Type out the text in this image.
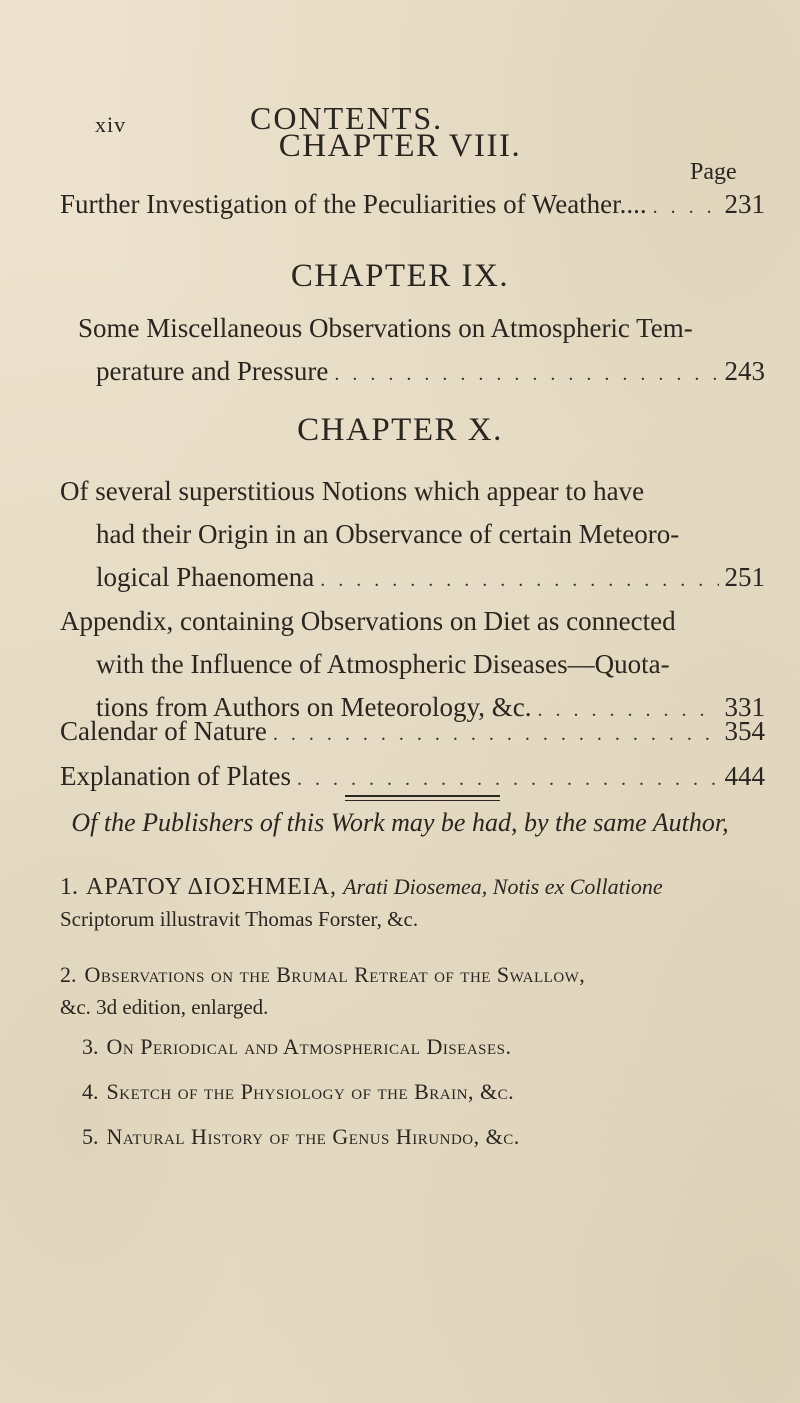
xiv	CONTENTS.
CHAPTER VIII.
Page
Further Investigation of the Peculiarities of Weather.... . . .	231
CHAPTER IX.
Some Miscellaneous Observations on Atmospheric Tem-
perature and Pressure . . .	243
CHAPTER X.
Of several superstitious Notions which appear to have
had their Origin in an Observance of certain Meteoro-
logical Phaenomena . . .	251
Appendix, containing Observations on Diet as connected
with the Influence of Atmospheric Diseases—Quota-
tions from Authors on Meteorology, &c. . . .	331
Calendar of Nature . . .	354
Explanation of Plates . . .	444
Of the Publishers of this Work may be had, by the same Author,
1. ΑΡΑΤΟΥ ΔΙΟΣΗΜΕΙΑ, Arati Diosemea, Notis ex Collatione
Scriptorum illustravit Thomas Forster, &c.
2. Observations on the Brumal Retreat of the Swallow,
&c. 3d edition, enlarged.
3. On Periodical and Atmospherical Diseases.
4. Sketch of the Physiology of the Brain, &c.
5. Natural History of the Genus Hirundo, &c.
